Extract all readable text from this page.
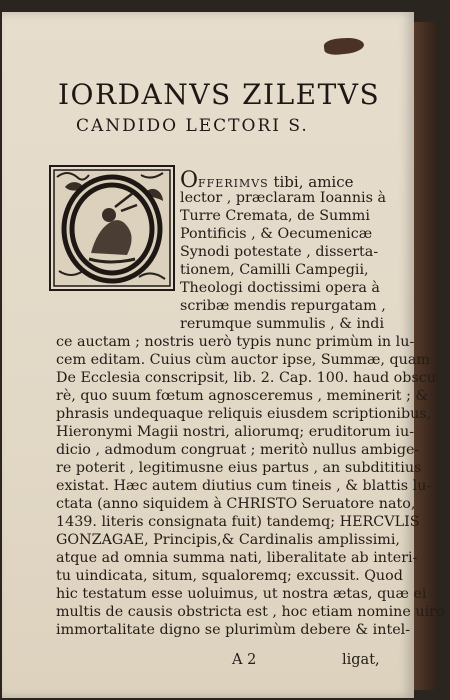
IORDANVS ZILETVS
CANDIDO LECTORI S.
OFFERIMVS tibi, amice
lector , præclaram Ioannis à
Turre Cremata, de Summi
Pontificis , & Oecumenicæ
Synodi potestate , disserta-
tionem, Camilli Campegii,
Theologi doctissimi opera à
scribæ mendis repurgatam ,
rerumque summulis , & indi
ce auctam ; nostris uerò typis nunc primùm in lu-
cem editam. Cuius cùm auctor ipse, Summæ, quam
De Ecclesia conscripsit, lib. 2. Cap. 100. haud obscu
rè, quo suum fœtum agnosceremus , meminerit ; &
phrasis undequaque reliquis eiusdem scriptionibus,
Hieronymi Magii nostri, aliorumq; eruditorum iu-
dicio , admodum congruat ; meritò nullus ambige-
re poterit , legitimusne eius partus , an subdititius
existat. Hæc autem diutius cum tineis , & blattis lu-
ctata (anno siquidem à CHRISTO Seruatore nato,
1439. literis consignata fuit) tandemq; HERCVLIS
GONZAGAE, Principis,& Cardinalis amplissimi,
atque ad omnia summa nati, liberalitate ab interi-
tu uindicata, situm, squaloremq; excussit. Quod
hic testatum esse uoluimus, ut nostra ætas, quæ ei
multis de causis obstricta est , hoc etiam nomine uiro
immortalitate digno se plurimùm debere & intel-
A 2	ligat,
